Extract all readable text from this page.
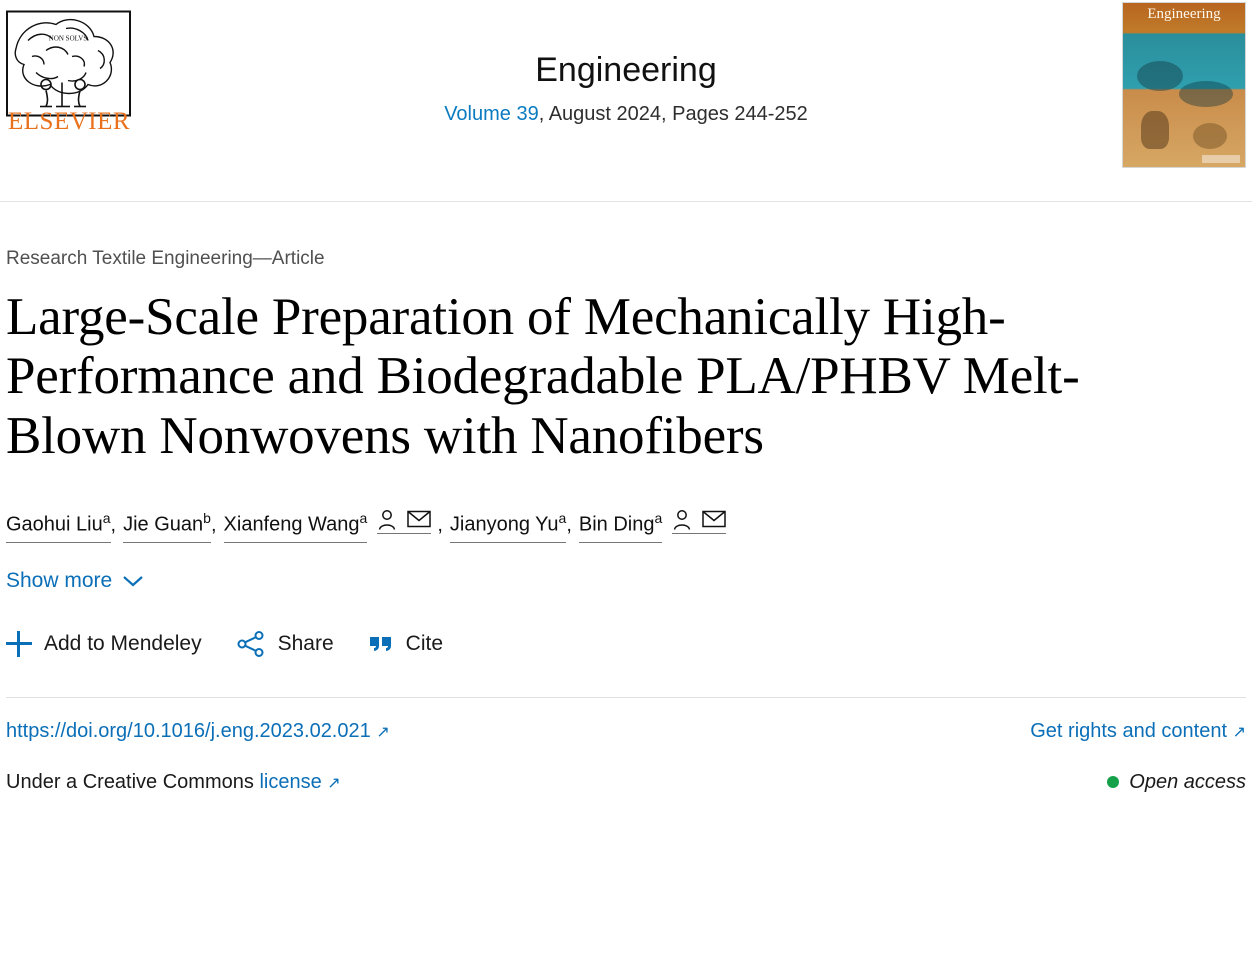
NON SOLVS
ELSEVIER
Engineering
Volume 39, August 2024, Pages 244-252
Engineering
Research Textile Engineering—Article
Large-Scale Preparation of Mechanically High-Performance and Biodegradable PLA/PHBV Melt-Blown Nonwovens with Nanofibers
Gaohui Liu$^a$ , Jie Guan$^b$ , Xianfeng Wang$^a$	, Jianyong Yu$^a$ , Bin Ding$^a$
Show more
Add to Mendeley	Share	Cite
https://doi.org/10.1016/j.eng.2023.02.021 ↗	Get rights and content ↗
Under a Creative Commons license ↗	Open access
